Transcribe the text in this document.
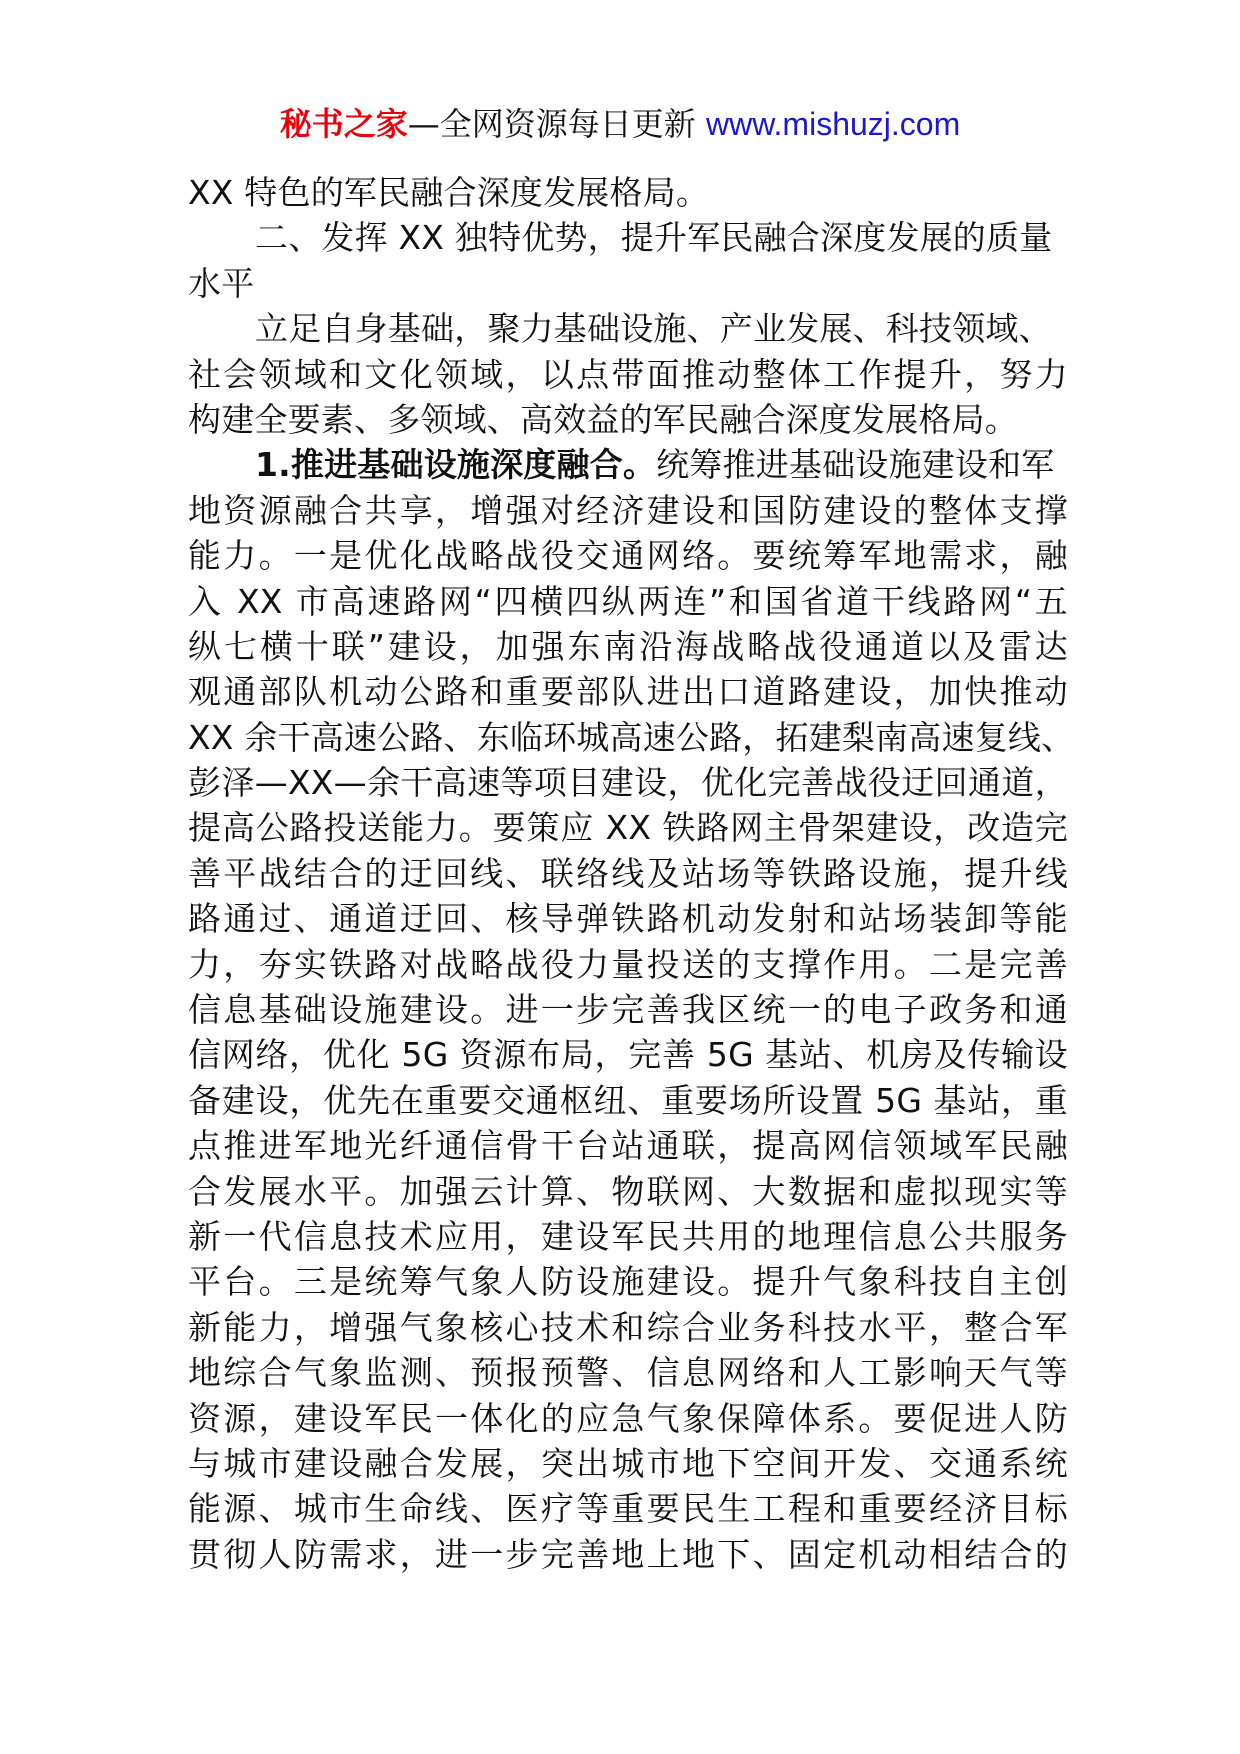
秘书之家—全网资源每日更新 www.mishuzj.com
XX 特色的军民融合深度发展格局。
二、发挥 XX 独特优势，提升军民融合深度发展的质量
水平
立足自身基础，聚力基础设施、产业发展、科技领域、
社会领域和文化领域，以点带面推动整体工作提升，努力
构建全要素、多领域、高效益的军民融合深度发展格局。
1.推进基础设施深度融合。统筹推进基础设施建设和军
地资源融合共享，增强对经济建设和国防建设的整体支撑
能力。一是优化战略战役交通网络。要统筹军地需求，融
入 XX 市高速路网“四横四纵两连”和国省道干线路网“五
纵七横十联”建设，加强东南沿海战略战役通道以及雷达
观通部队机动公路和重要部队进出口道路建设，加快推动
XX 余干高速公路、东临环城高速公路，拓建梨南高速复线、
彭泽—XX—余干高速等项目建设，优化完善战役迂回通道，
提高公路投送能力。要策应 XX 铁路网主骨架建设，改造完
善平战结合的迂回线、联络线及站场等铁路设施，提升线
路通过、通道迂回、核导弹铁路机动发射和站场装卸等能
力，夯实铁路对战略战役力量投送的支撑作用。二是完善
信息基础设施建设。进一步完善我区统一的电子政务和通
信网络，优化 5G 资源布局，完善 5G 基站、机房及传输设
备建设，优先在重要交通枢纽、重要场所设置 5G 基站，重
点推进军地光纤通信骨干台站通联，提高网信领域军民融
合发展水平。加强云计算、物联网、大数据和虚拟现实等
新一代信息技术应用，建设军民共用的地理信息公共服务
平台。三是统筹气象人防设施建设。提升气象科技自主创
新能力，增强气象核心技术和综合业务科技水平，整合军
地综合气象监测、预报预警、信息网络和人工影响天气等
资源，建设军民一体化的应急气象保障体系。要促进人防
与城市建设融合发展，突出城市地下空间开发、交通系统
能源、城市生命线、医疗等重要民生工程和重要经济目标
贯彻人防需求，进一步完善地上地下、固定机动相结合的
